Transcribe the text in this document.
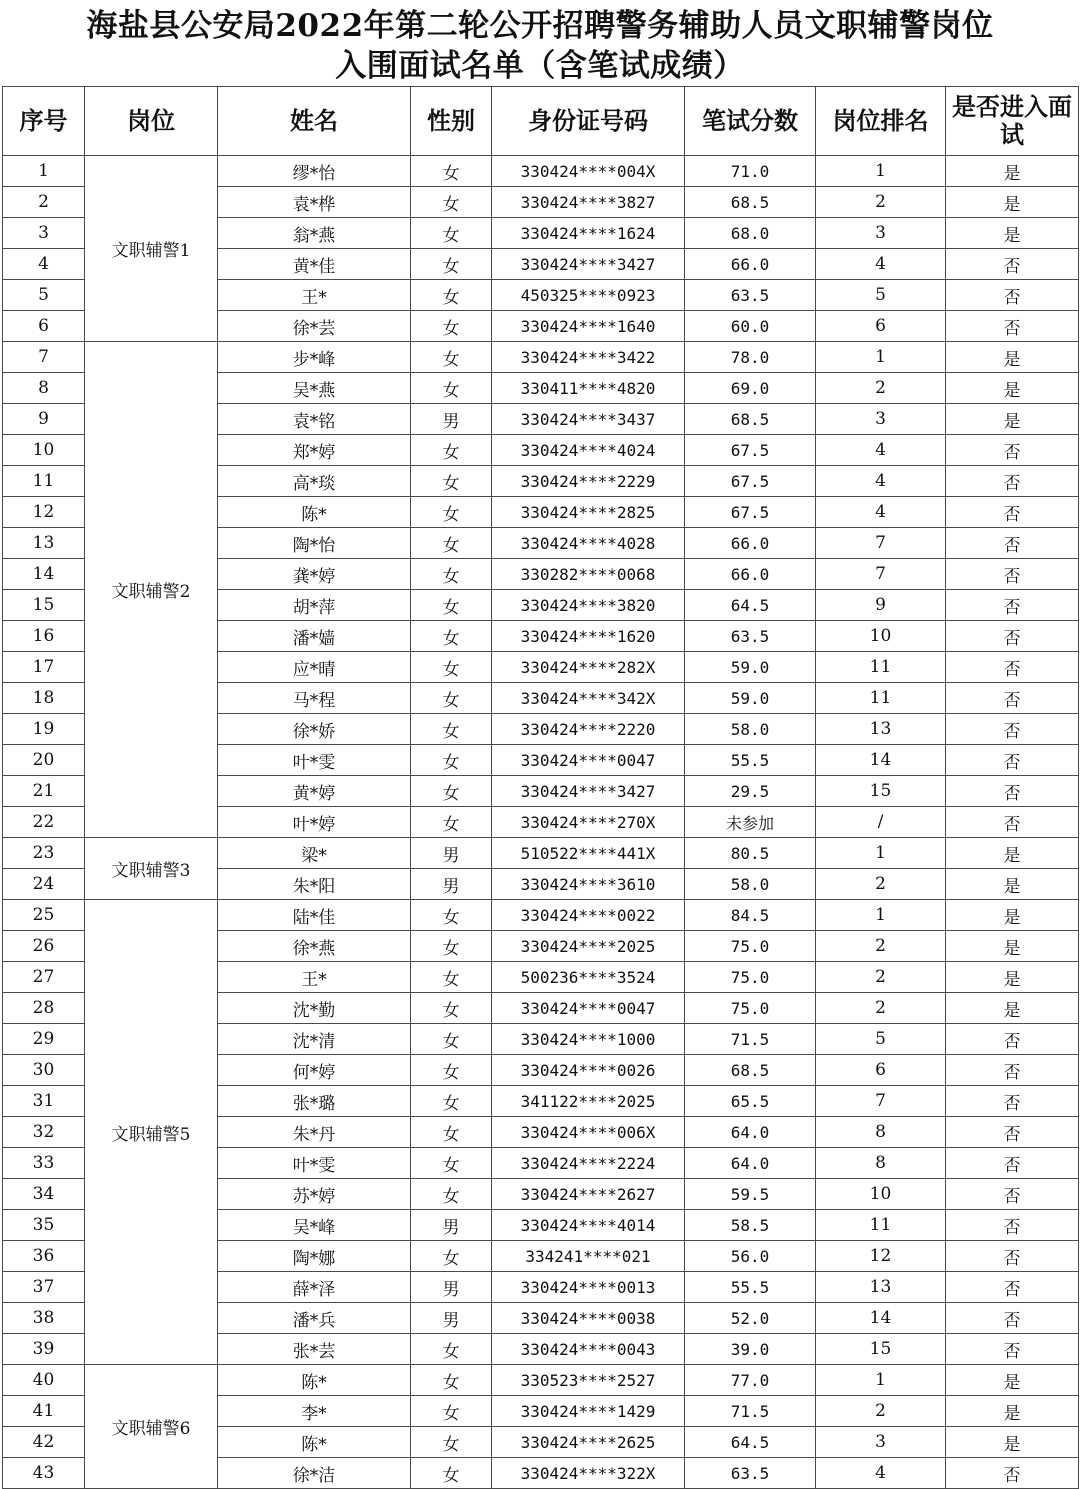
海盐县公安局2022年第二轮公开招聘警务辅助人员文职辅警岗位
入围面试名单（含笔试成绩）
序号	岗位	姓名	性别	身份证号码	笔试分数	岗位排名	是否进入面试
1	文职辅警1	缪*怡	女	330424****004X	71.0	1	是
2		袁*桦	女	330424****3827	68.5	2	是
3		翁*燕	女	330424****1624	68.0	3	是
4		黄*佳	女	330424****3427	66.0	4	否
5		王*	女	450325****0923	63.5	5	否
6		徐*芸	女	330424****1640	60.0	6	否
7	文职辅警2	步*峰	女	330424****3422	78.0	1	是
8		吴*燕	女	330411****4820	69.0	2	是
9		袁*铭	男	330424****3437	68.5	3	是
10		郑*婷	女	330424****4024	67.5	4	否
11		高*琰	女	330424****2229	67.5	4	否
12		陈*	女	330424****2825	67.5	4	否
13		陶*怡	女	330424****4028	66.0	7	否
14		龚*婷	女	330282****0068	66.0	7	否
15		胡*萍	女	330424****3820	64.5	9	否
16		潘*嫱	女	330424****1620	63.5	10	否
17		应*晴	女	330424****282X	59.0	11	否
18		马*程	女	330424****342X	59.0	11	否
19		徐*娇	女	330424****2220	58.0	13	否
20		叶*雯	女	330424****0047	55.5	14	否
21		黄*婷	女	330424****3427	29.5	15	否
22		叶*婷	女	330424****270X	未参加	/	否
23	文职辅警3	梁*	男	510522****441X	80.5	1	是
24		朱*阳	男	330424****3610	58.0	2	是
25	文职辅警5	陆*佳	女	330424****0022	84.5	1	是
26		徐*燕	女	330424****2025	75.0	2	是
27		王*	女	500236****3524	75.0	2	是
28		沈*勤	女	330424****0047	75.0	2	是
29		沈*清	女	330424****1000	71.5	5	否
30		何*婷	女	330424****0026	68.5	6	否
31		张*璐	女	341122****2025	65.5	7	否
32		朱*丹	女	330424****006X	64.0	8	否
33		叶*雯	女	330424****2224	64.0	8	否
34		苏*婷	女	330424****2627	59.5	10	否
35		吴*峰	男	330424****4014	58.5	11	否
36		陶*娜	女	334241****021	56.0	12	否
37		薛*泽	男	330424****0013	55.5	13	否
38		潘*兵	男	330424****0038	52.0	14	否
39		张*芸	女	330424****0043	39.0	15	否
40	文职辅警6	陈*	女	330523****2527	77.0	1	是
41		李*	女	330424****1429	71.5	2	是
42		陈*	女	330424****2625	64.5	3	是
43		徐*洁	女	330424****322X	63.5	4	否
